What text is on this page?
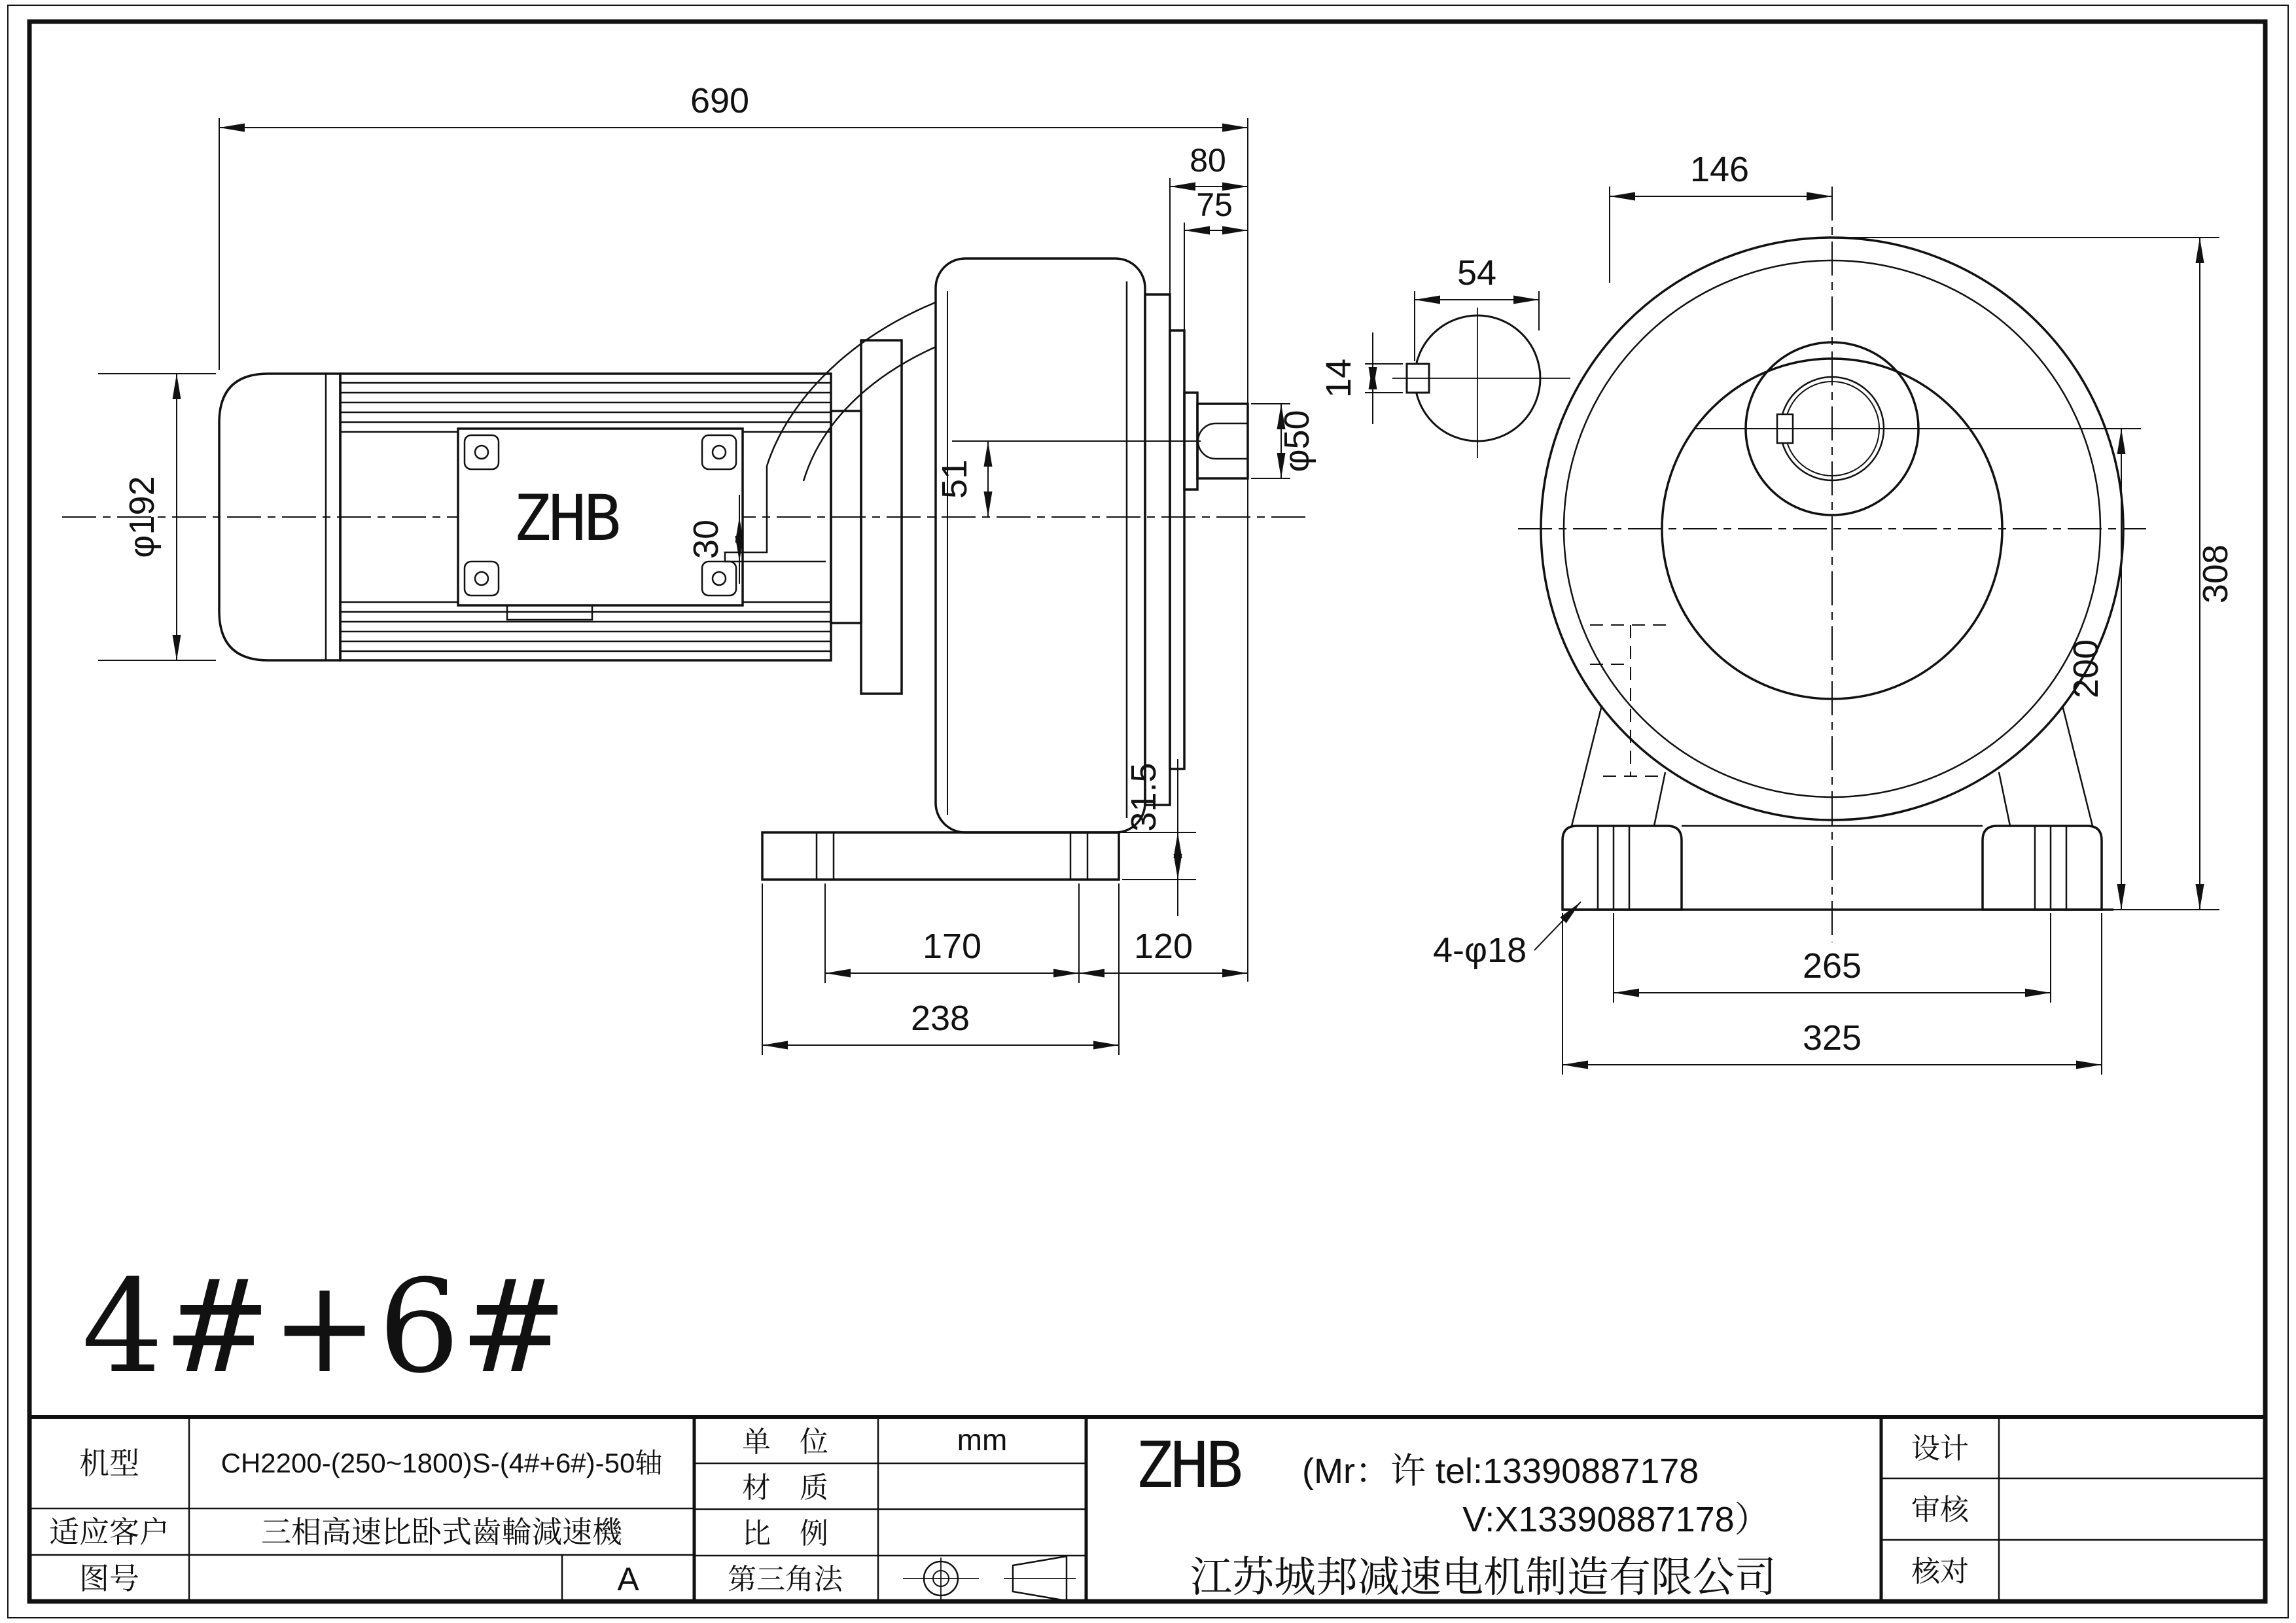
690
80
75
φ50
51
30
φ192
31.5
170	120
238
ZHB
146
308
200
265
325
4-φ18
54
14
4#+6#
机型	CH2200-(250~1800)S-(4#+6#)-50轴
适应客户	三相高速比卧式齒輪減速機
图号	A
单　位	mm
材　质
比　例
第三角法
ZHB (Mr：许 tel:13390887178
V:X13390887178）
江苏城邦减速电机制造有限公司
设计
审核
核对
